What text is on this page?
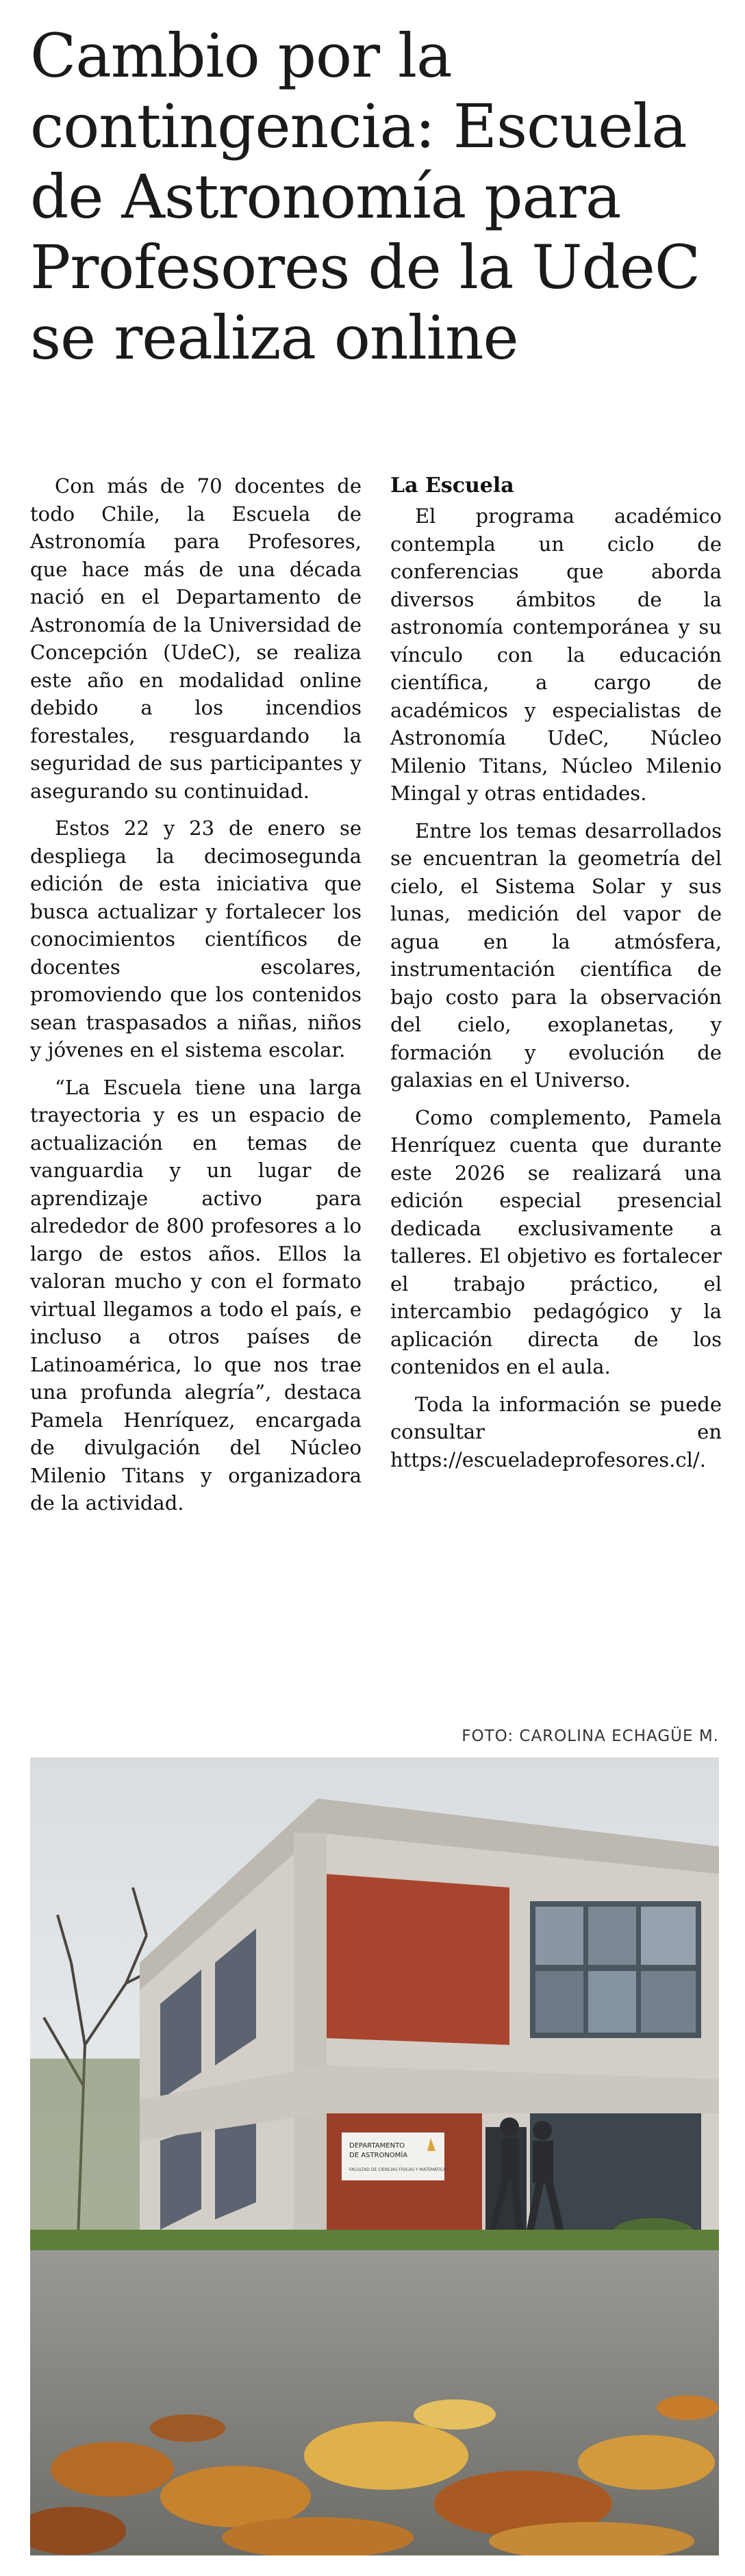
Cambio por la contingencia: Escuela de Astronomía para Profesores de la UdeC se realiza online

Con más de 70 docentes de todo Chile, la Escuela de Astronomía para Profesores, que hace más de una década nació en el Departamento de Astronomía de la Universidad de Concepción (UdeC), se realiza este año en modalidad online debido a los incendios forestales, resguardando la seguridad de sus participantes y asegurando su continuidad.

Estos 22 y 23 de enero se despliega la decimosegunda edición de esta iniciativa que busca actualizar y fortalecer los conocimientos científicos de docentes escolares, promoviendo que los contenidos sean traspasados a niñas, niños y jóvenes en el sistema escolar.

“La Escuela tiene una larga trayectoria y es un espacio de actualización en temas de vanguardia y un lugar de aprendizaje activo para alrededor de 800 profesores a lo largo de estos años. Ellos la valoran mucho y con el formato virtual llegamos a todo el país, e incluso a otros países de Latinoamérica, lo que nos trae una profunda alegría”, destaca Pamela Henríquez, encargada de divulgación del Núcleo Milenio Titans y organizadora de la actividad.

La Escuela

El programa académico contempla un ciclo de conferencias que aborda diversos ámbitos de la astronomía contemporánea y su vínculo con la educación científica, a cargo de académicos y especialistas de Astronomía UdeC, Núcleo Milenio Titans, Núcleo Milenio Mingal y otras entidades.

Entre los temas desarrollados se encuentran la geometría del cielo, el Sistema Solar y sus lunas, medición del vapor de agua en la atmósfera, instrumentación científica de bajo costo para la observación del cielo, exoplanetas, y formación y evolución de galaxias en el Universo.

Como complemento, Pamela Henríquez cuenta que durante este 2026 se realizará una edición especial presencial dedicada exclusivamente a talleres. El objetivo es fortalecer el trabajo práctico, el intercambio pedagógico y la aplicación directa de los contenidos en el aula.

Toda la información se puede consultar en https://escueladeprofesores.cl/.

FOTO: CAROLINA ECHAGÜE M.
DEPARTAMENTO
DE ASTRONOMÍA
FACULTAD DE CIENCIAS FÍSICAS Y MATEMÁTICAS
